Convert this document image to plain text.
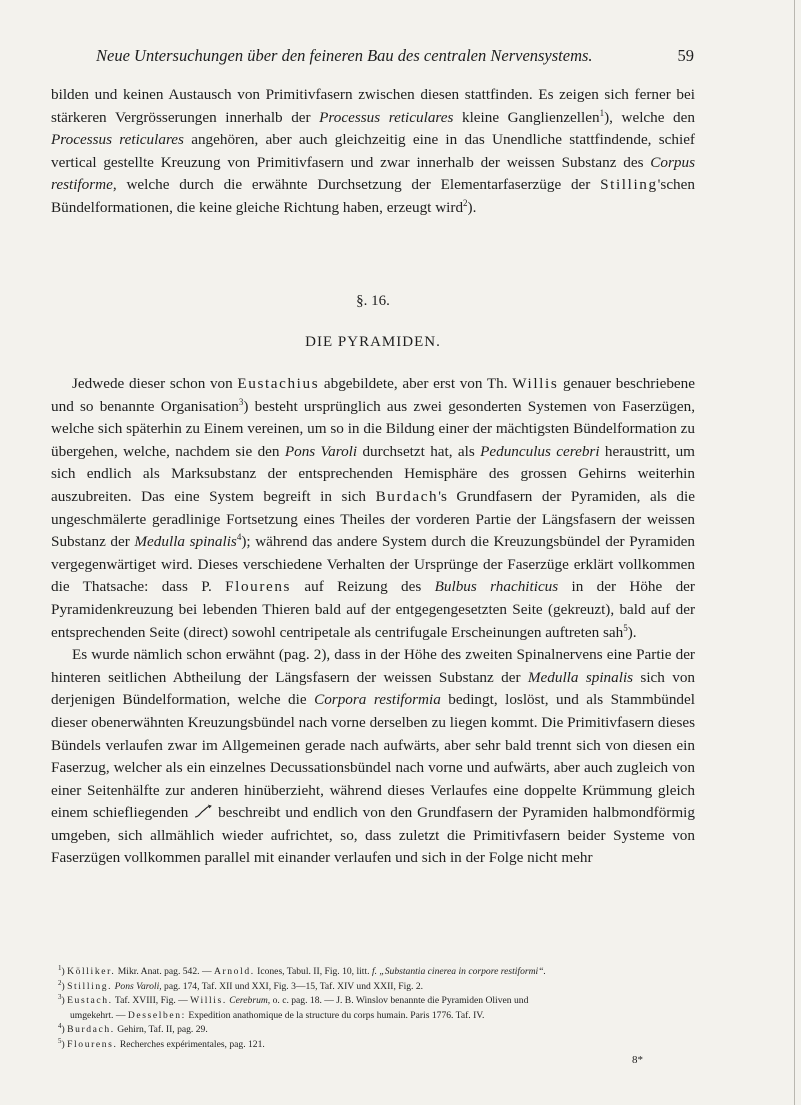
Neue Untersuchungen über den feineren Bau des centralen Nervensystems.	59

bilden und keinen Austausch von Primitivfasern zwischen diesen stattfinden. Es zeigen sich ferner bei stärkeren Vergrösserungen innerhalb der Processus reticulares kleine Ganglienzellen$^1$), welche den Processus reticulares angehören, aber auch gleichzeitig eine in das Unendliche stattfindende, schief vertical gestellte Kreuzung von Primitivfasern und zwar innerhalb der weissen Substanz des Corpus restiforme, welche durch die erwähnte Durchsetzung der Elementarfaserzüge der Stilling'schen Bündelformationen, die keine gleiche Richtung haben, erzeugt wird$^2$).

§. 16.
DIE PYRAMIDEN.

Jedwede dieser schon von Eustachius abgebildete, aber erst von Th. Willis genauer beschriebene und so benannte Organisation$^3$) besteht ursprünglich aus zwei gesonderten Systemen von Faserzügen, welche sich späterhin zu Einem vereinen, um so in die Bildung einer der mächtigsten Bündelformation zu übergehen, welche, nachdem sie den Pons Varoli durchsetzt hat, als Pedunculus cerebri heraustritt, um sich endlich als Marksubstanz der entsprechenden Hemisphäre des grossen Gehirns weiterhin auszubreiten. Das eine System begreift in sich Burdach's Grundfasern der Pyramiden, als die ungeschmälerte geradlinige Fortsetzung eines Theiles der vorderen Partie der Längsfasern der weissen Substanz der Medulla spinalis$^4$); während das andere System durch die Kreuzungsbündel der Pyramiden vergegenwärtiget wird. Dieses verschiedene Verhalten der Ursprünge der Faserzüge erklärt vollkommen die Thatsache: dass P. Flourens auf Reizung des Bulbus rhachiticus in der Höhe der Pyramidenkreuzung bei lebenden Thieren bald auf der entgegengesetzten Seite (gekreuzt), bald auf der entsprechenden Seite (direct) sowohl centripetale als centrifugale Erscheinungen auftreten sah$^5$).

Es wurde nämlich schon erwähnt (pag. 2), dass in der Höhe des zweiten Spinalnervens eine Partie der hinteren seitlichen Abtheilung der Längsfasern der weissen Substanz der Medulla spinalis sich von derjenigen Bündelformation, welche die Corpora restiformia bedingt, loslöst, und als Stammbündel dieser obenerwähnten Kreuzungsbündel nach vorne derselben zu liegen kommt. Die Primitivfasern dieses Bündels verlaufen zwar im Allgemeinen gerade nach aufwärts, aber sehr bald trennt sich von diesen ein Faserzug, welcher als ein einzelnes Decussationsbündel nach vorne und aufwärts, aber auch zugleich von einer Seitenhälfte zur anderen hinüberzieht, während dieses Verlaufes eine doppelte Krümmung gleich einem schiefliegenden  beschreibt und endlich von den Grundfasern der Pyramiden halbmondförmig umgeben, sich allmählich wieder aufrichtet, so, dass zuletzt die Primitivfasern beider Systeme von Faserzügen vollkommen parallel mit einander verlaufen und sich in der Folge nicht mehr

$^1$) Kölliker. Mikr. Anat. pag. 542. — Arnold. Icones, Tabul. II, Fig. 10, litt. f. „Substantia cinerea in corpore restiformi“.
$^2$) Stilling. Pons Varoli, pag. 174, Taf. XII und XXI, Fig. 3—15, Taf. XIV und XXII, Fig. 2.
$^3$) Eustach. Taf. XVIII, Fig. — Willis. Cerebrum, o. c. pag. 18. — J. B. Winslov benannte die Pyramiden Oliven und
umgekehrt. — Desselben: Expedition anathomique de la structure du corps humain. Paris 1776. Taf. IV.
$^4$) Burdach. Gehirn, Taf. II, pag. 29.
$^5$) Flourens. Recherches expérimentales, pag. 121.
8*
